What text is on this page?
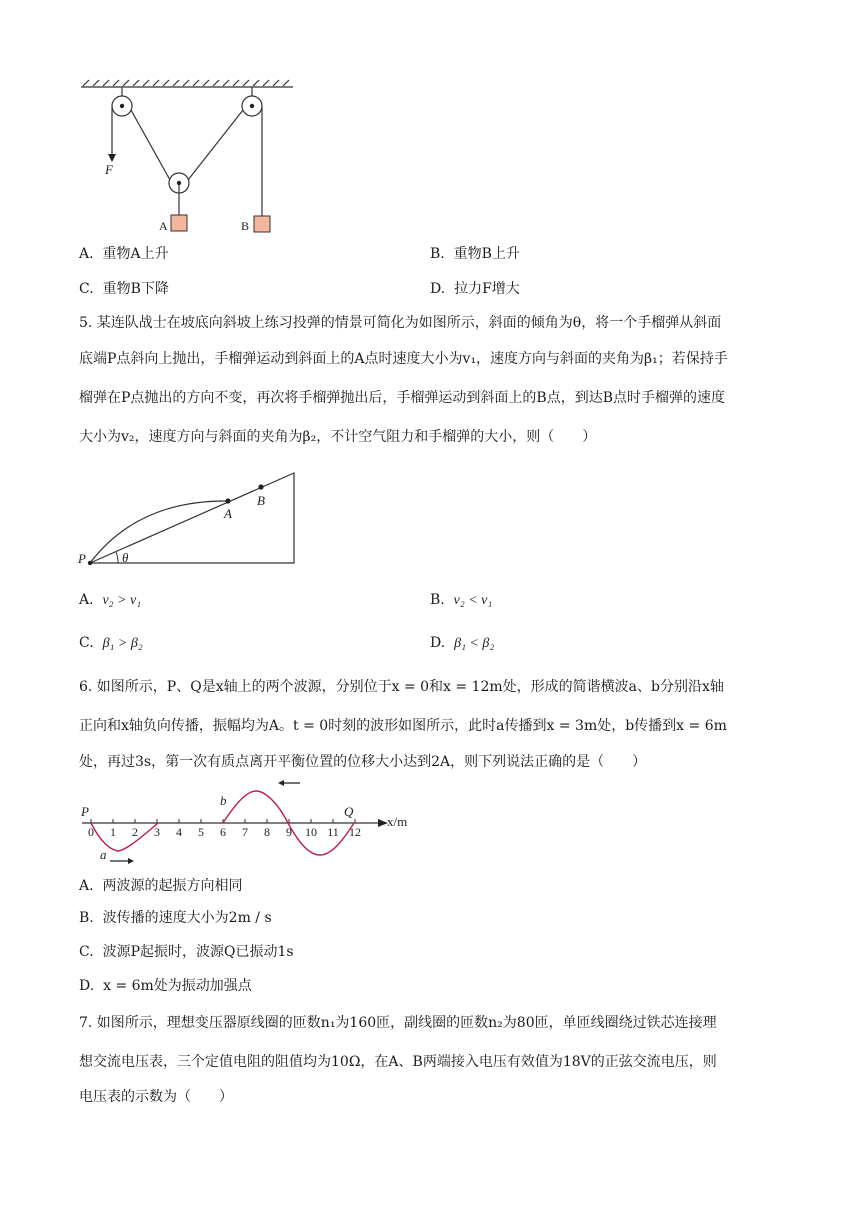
F
A	B
A. 重物A上升	B. 重物B上升
C. 重物B下降	D. 拉力F增大
5. 某连队战士在坡底向斜坡上练习投弹的情景可简化为如图所示，斜面的倾角为θ，将一个手榴弹从斜面
底端P点斜向上抛出，手榴弹运动到斜面上的A点时速度大小为v₁，速度方向与斜面的夹角为β₁；若保持手
榴弹在P点抛出的方向不变，再次将手榴弹抛出后，手榴弹运动到斜面上的B点，到达B点时手榴弹的速度
大小为v₂，速度方向与斜面的夹角为β₂，不计空气阻力和手榴弹的大小，则（　　）
P	θ
A
B
A. v₂ > v₁	B. v₂ < v₁
C. β₁ > β₂	D. β₁ < β₂
6. 如图所示，P、Q是x轴上的两个波源，分别位于x = 0和x = 12m处，形成的简谐横波a、b分别沿x轴
正向和x轴负向传播，振幅均为A。t = 0时刻的波形如图所示，此时a传播到x = 3m处，b传播到x = 6m
处，再过3s，第一次有质点离开平衡位置的位移大小达到2A，则下列说法正确的是（　　）
0 1 2 3 4 5 6 7 8 9 10 11 12
P	Q
a
b
x/m
A. 两波源的起振方向相同
B. 波传播的速度大小为2m / s
C. 波源P起振时，波源Q已振动1s
D. x = 6m处为振动加强点
7. 如图所示，理想变压器原线圈的匝数n₁为160匝，副线圈的匝数n₂为80匝，单匝线圈绕过铁芯连接理
想交流电压表，三个定值电阻的阻值均为10Ω，在A、B两端接入电压有效值为18V的正弦交流电压，则
电压表的示数为（　　）
